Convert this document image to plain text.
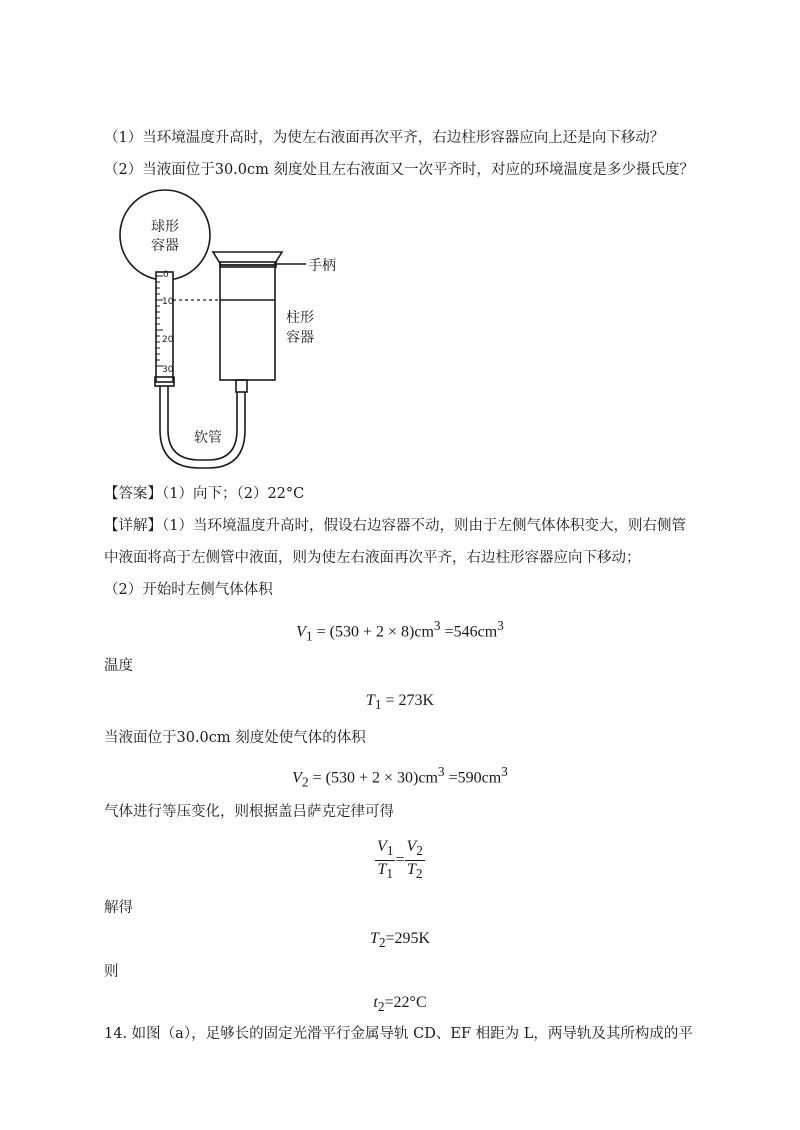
（1）当环境温度升高时，为使左右液面再次平齐，右边柱形容器应向上还是向下移动？
（2）当液面位于30.0cm 刻度处且左右液面又一次平齐时，对应的环境温度是多少摄氏度？
球形
容器
0
10
20
30
手柄
柱形
容器
软管
【答案】（1）向下；（2）22°C
【详解】（1）当环境温度升高时，假设右边容器不动，则由于左侧气体体积变大，则右侧管
中液面将高于左侧管中液面，则为使左右液面再次平齐，右边柱形容器应向下移动；
（2）开始时左侧气体体积
$V_1 = (530 + 2 \times 8)cm^3 =546cm^3$
温度
$T_1 = 273K$
当液面位于30.0cm 刻度处使气体的体积
$V_2 = (530 + 2 \times 30)cm^3 =590cm^3$
气体进行等压变化，则根据盖吕萨克定律可得
$\frac{V_1}{T_1} = \frac{V_2}{T_2}$
解得
$T_2=295K$
则
$t_2=22^\circ C$
14. 如图（a），足够长的固定光滑平行金属导轨 CD、EF 相距为 L，两导轨及其所构成的平
